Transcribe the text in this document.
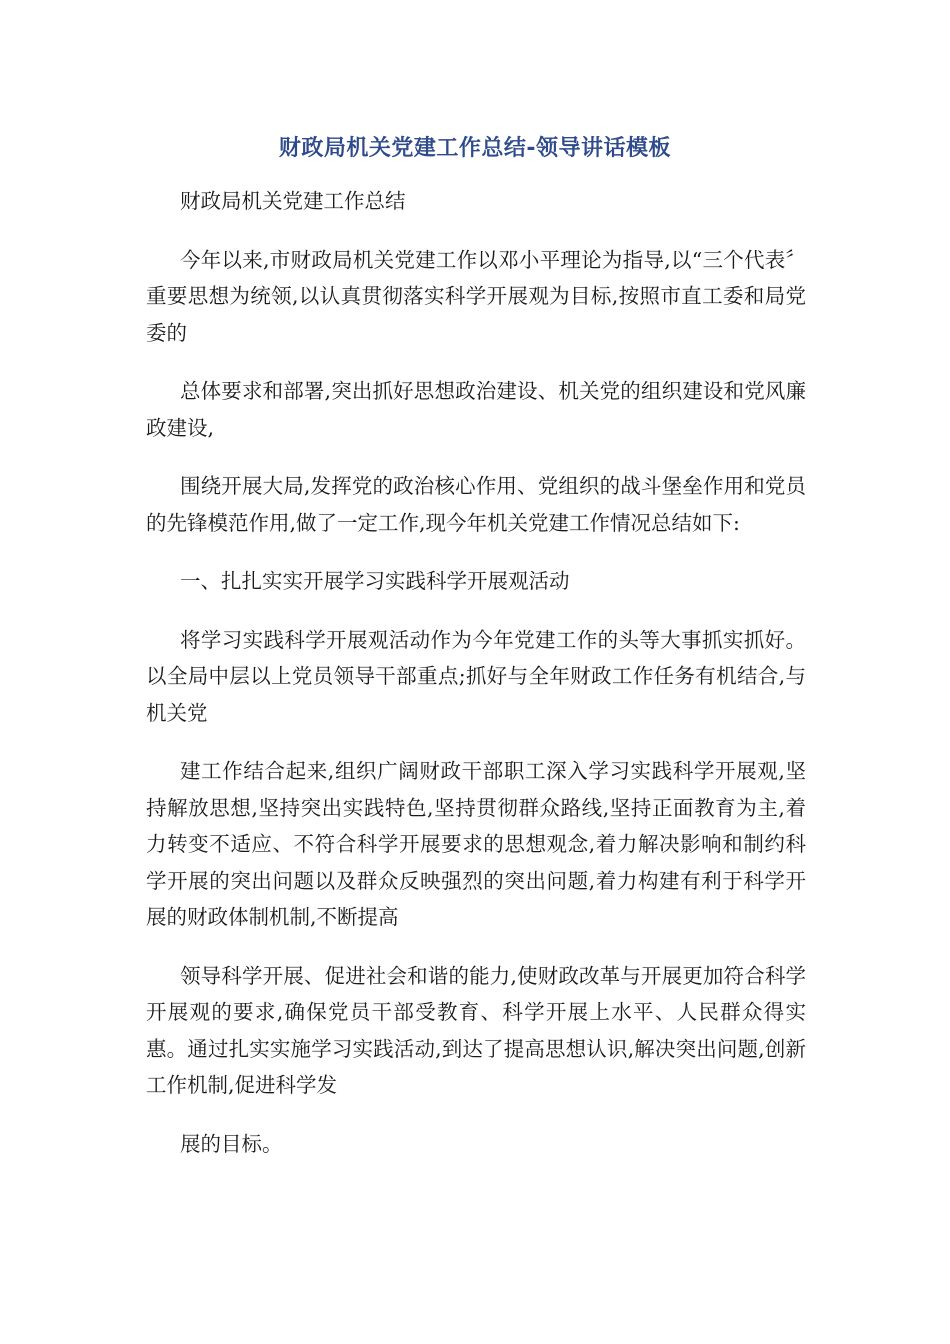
财政局机关党建工作总结-领导讲话模板

财政局机关党建工作总结

今年以来,市财政局机关党建工作以邓小平理论为指导,以“三个代表〞重要思想为统领,以认真贯彻落实科学开展观为目标,按照市直工委和局党委的

总体要求和部署,突出抓好思想政治建设、机关党的组织建设和党风廉政建设,

围绕开展大局,发挥党的政治核心作用、党组织的战斗堡垒作用和党员的先锋模范作用,做了一定工作,现今年机关党建工作情况总结如下:

一、扎扎实实开展学习实践科学开展观活动

将学习实践科学开展观活动作为今年党建工作的头等大事抓实抓好。以全局中层以上党员领导干部重点;抓好与全年财政工作任务有机结合,与机关党

建工作结合起来,组织广阔财政干部职工深入学习实践科学开展观,坚持解放思想,坚持突出实践特色,坚持贯彻群众路线,坚持正面教育为主,着力转变不适应、不符合科学开展要求的思想观念,着力解决影响和制约科学开展的突出问题以及群众反映强烈的突出问题,着力构建有利于科学开展的财政体制机制,不断提高

领导科学开展、促进社会和谐的能力,使财政改革与开展更加符合科学开展观的要求,确保党员干部受教育、科学开展上水平、人民群众得实惠。通过扎实实施学习实践活动,到达了提高思想认识,解决突出问题,创新工作机制,促进科学发

展的目标。
